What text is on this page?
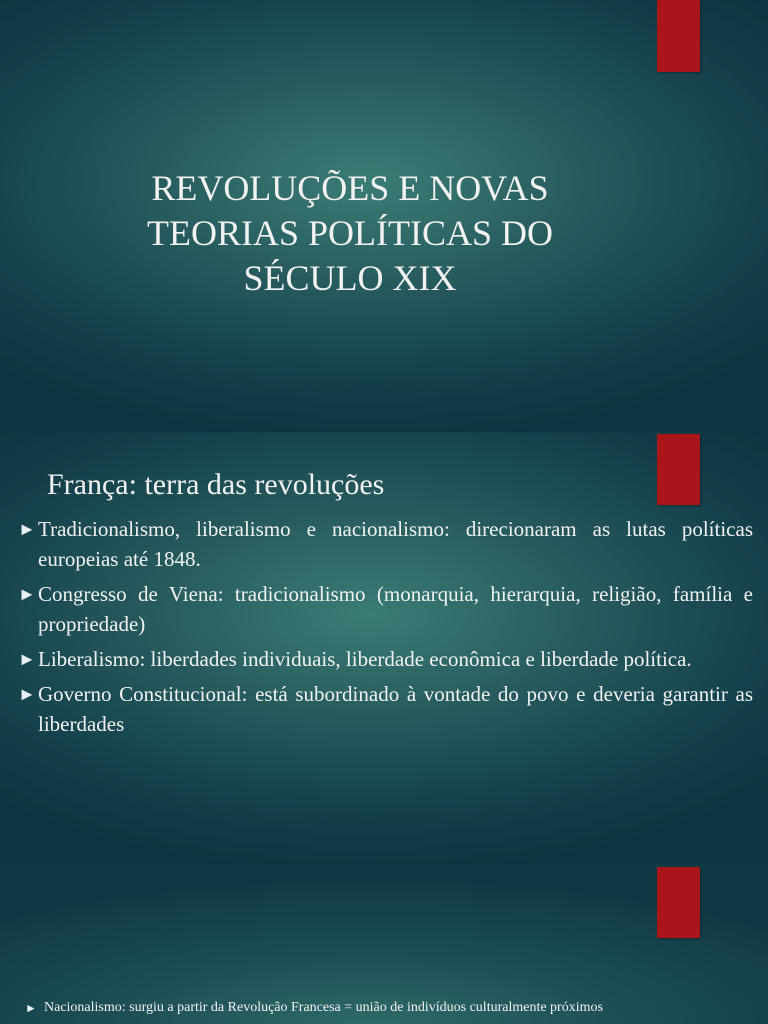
REVOLUÇÕES E NOVAS
TEORIAS POLÍTICAS DO
SÉCULO XIX
França: terra das revoluções
► Tradicionalismo, liberalismo e nacionalismo: direcionaram as lutas políticas europeias até 1848.
► Congresso de Viena: tradicionalismo (monarquia, hierarquia, religião, família e propriedade)
► Liberalismo: liberdades individuais, liberdade econômica e liberdade política.
► Governo Constitucional: está subordinado à vontade do povo e deveria garantir as liberdades
► Nacionalismo: surgiu a partir da Revolução Francesa = união de indivíduos culturalmente próximos
